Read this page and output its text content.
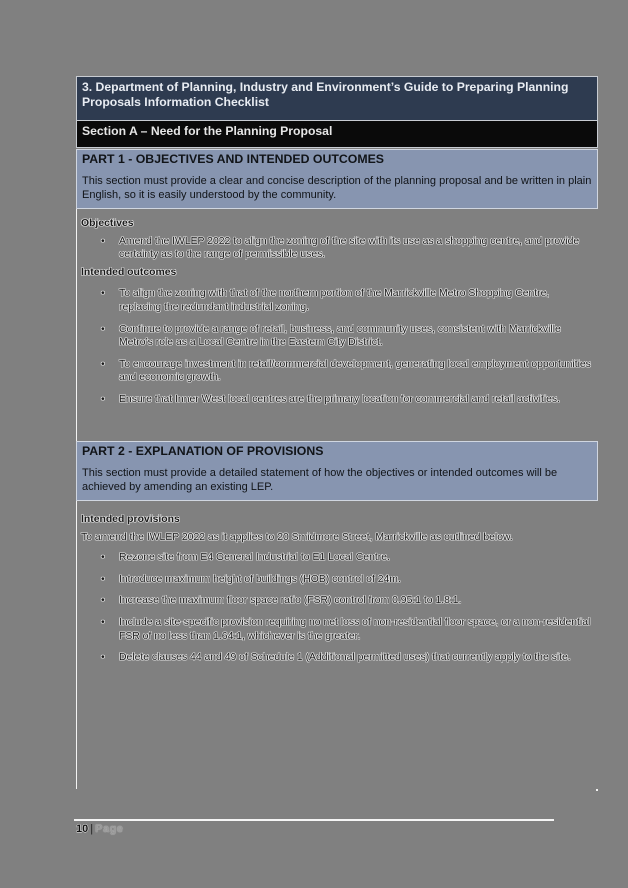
3. Department of Planning, Industry and Environment’s Guide to Preparing Planning Proposals Information Checklist
Section A – Need for the Planning Proposal
PART 1 - OBJECTIVES AND INTENDED OUTCOMES
This section must provide a clear and concise description of the planning proposal and be written in plain English, so it is easily understood by the community.
Objectives
• Amend the IWLEP 2022 to align the zoning of the site with its use as a shopping centre, and provide certainty as to the range of permissible uses.
Intended outcomes
• To align the zoning with that of the northern portion of the Marrickville Metro Shopping Centre, replacing the redundant industrial zoning.
• Continue to provide a range of retail, business, and community uses, consistent with Marrickville Metro’s role as a Local Centre in the Eastern City District.
• To encourage investment in retail/commercial development, generating local employment opportunities and economic growth.
• Ensure that Inner West local centres are the primary location for commercial and retail activities.
PART 2 - EXPLANATION OF PROVISIONS
This section must provide a detailed statement of how the objectives or intended outcomes will be achieved by amending an existing LEP.
Intended provisions
To amend the IWLEP 2022 as it applies to 20 Smidmore Street, Marrickville as outlined below.
• Rezone site from E4 General Industrial to E1 Local Centre.
• Introduce maximum height of buildings (HOB) control of 24m.
• Increase the maximum floor space ratio (FSR) control from 0.95:1 to 1.8:1.
• Include a site-specific provision requiring no net loss of non-residential floor space, or a non-residential FSR of no less than 1.64:1, whichever is the greater.
• Delete clauses 44 and 49 of Schedule 1 (Additional permitted uses) that currently apply to the site.
10 | Page
